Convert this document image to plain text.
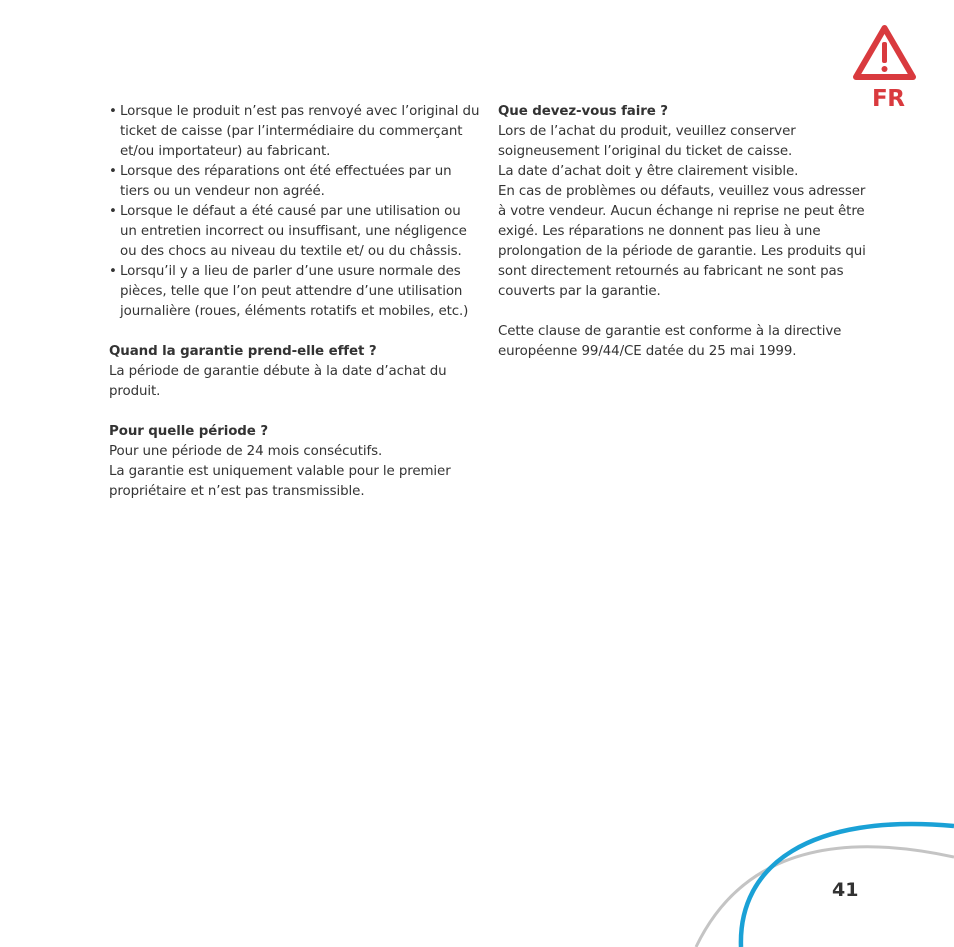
FR
• Lorsque le produit n’est pas renvoyé avec l’original du ticket de caisse (par l’intermédiaire du commerçant et/ou importateur) au fabricant.
• Lorsque des réparations ont été effectuées par un tiers ou un vendeur non agréé.
• Lorsque le défaut a été causé par une utilisation ou un entretien incorrect ou insuffisant, une négligence ou des chocs au niveau du textile et/ ou du châssis.
• Lorsqu’il y a lieu de parler d’une usure normale des pièces, telle que l’on peut attendre d’une utilisation journalière (roues, éléments rotatifs et mobiles, etc.)

Quand la garantie prend-elle effet ?

La période de garantie débute à la date d’achat du produit.

Pour quelle période ?

Pour une période de 24 mois consécutifs.

La garantie est uniquement valable pour le premier propriétaire et n’est pas transmissible.

Que devez-vous faire ?

Lors de l’achat du produit, veuillez conserver soigneusement l’original du ticket de caisse.

La date d’achat doit y être clairement visible.

En cas de problèmes ou défauts, veuillez vous adresser à votre vendeur. Aucun échange ni reprise ne peut être exigé. Les réparations ne donnent pas lieu à une prolongation de la période de garantie. Les produits qui sont directement retournés au fabricant ne sont pas couverts par la garantie.

Cette clause de garantie est conforme à la directive européenne 99/44/CE datée du 25 mai 1999.

41
